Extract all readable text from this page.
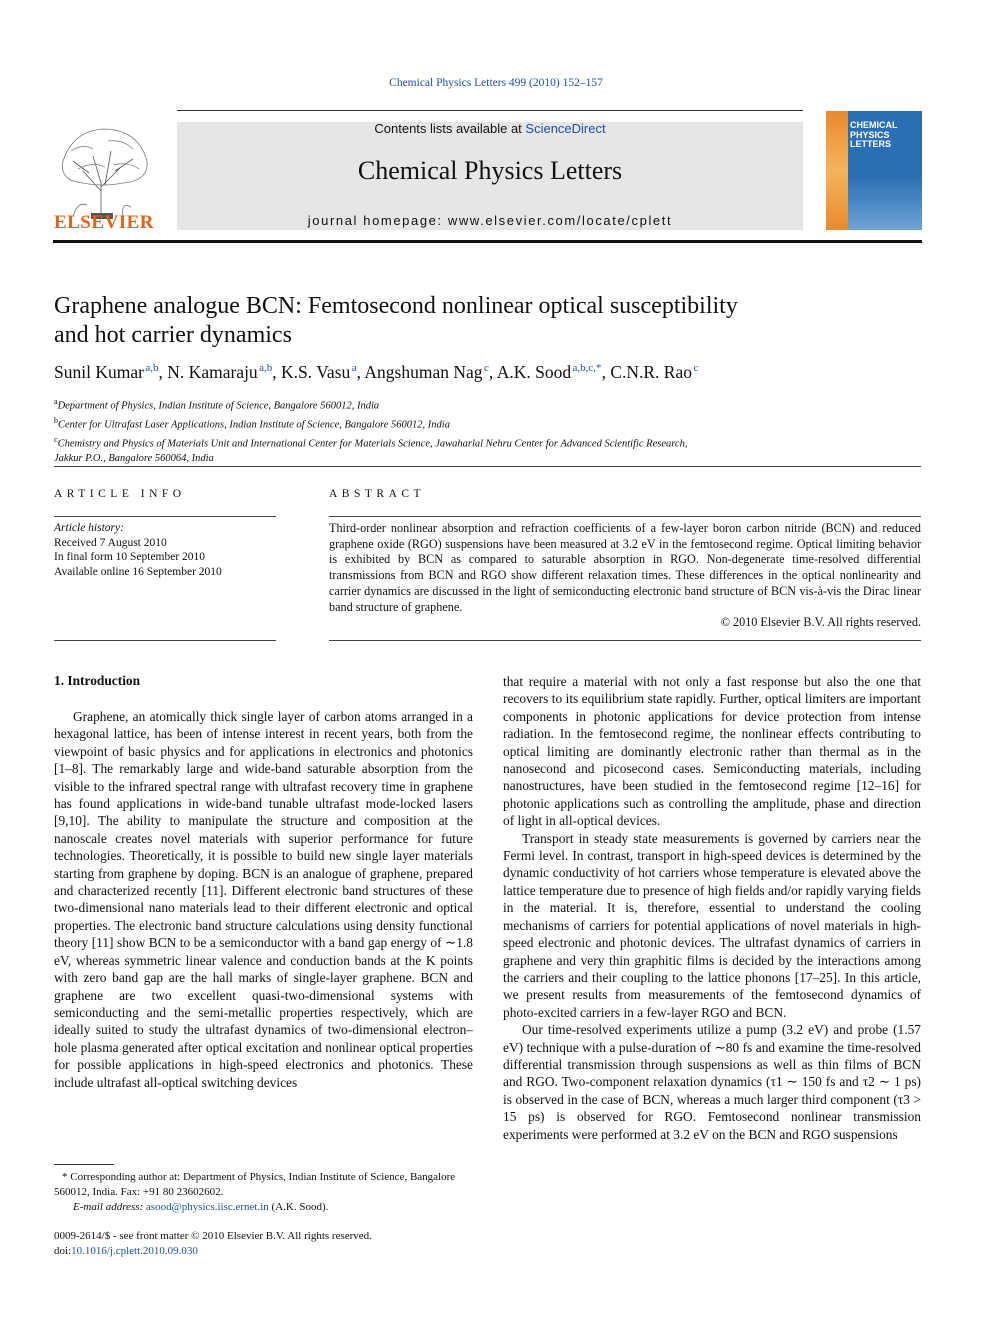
Chemical Physics Letters 499 (2010) 152–157
ELSEVIER
Contents lists available at ScienceDirect
Chemical Physics Letters
journal homepage: www.elsevier.com/locate/cplett
CHEMICAL
PHYSICS
LETTERS
Graphene analogue BCN: Femtosecond nonlinear optical susceptibility
and hot carrier dynamics
Sunil Kumar $^{a,b}$, N. Kamaraju $^{a,b}$, K.S. Vasu $^a$, Angshuman Nag $^c$, A.K. Sood $^{a,b,c,*}$, C.N.R. Rao $^c$
$^a$Department of Physics, Indian Institute of Science, Bangalore 560012, India
$^b$Center for Ultrafast Laser Applications, Indian Institute of Science, Bangalore 560012, India
$^c$Chemistry and Physics of Materials Unit and International Center for Materials Science, Jawaharlal Nehru Center for Advanced Scientific Research,
Jakkur P.O., Bangalore 560064, India
ARTICLE INFO
Article history:
Received 7 August 2010
In final form 10 September 2010
Available online 16 September 2010
ABSTRACT
Third-order nonlinear absorption and refraction coefficients of a few-layer boron carbon nitride (BCN) and reduced graphene oxide (RGO) suspensions have been measured at 3.2 eV in the femtosecond regime. Optical limiting behavior is exhibited by BCN as compared to saturable absorption in RGO. Non-degenerate time-resolved differential transmissions from BCN and RGO show different relaxation times. These differences in the optical nonlinearity and carrier dynamics are discussed in the light of semiconducting electronic band structure of BCN vis-à-vis the Dirac linear band structure of graphene.
© 2010 Elsevier B.V. All rights reserved.
1. Introduction

Graphene, an atomically thick single layer of carbon atoms arranged in a hexagonal lattice, has been of intense interest in recent years, both from the viewpoint of basic physics and for applications in electronics and photonics [1–8]. The remarkably large and wide-band saturable absorption from the visible to the infrared spectral range with ultrafast recovery time in graphene has found applications in wide-band tunable ultrafast mode-locked lasers [9,10]. The ability to manipulate the structure and composition at the nanoscale creates novel materials with superior performance for future technologies. Theoretically, it is possible to build new single layer materials starting from graphene by doping. BCN is an analogue of graphene, prepared and characterized recently [11]. Different electronic band structures of these two-dimensional nano materials lead to their different electronic and optical properties. The electronic band structure calculations using density functional theory [11] show BCN to be a semiconductor with a band gap energy of ∼1.8 eV, whereas symmetric linear valence and conduction bands at the K points with zero band gap are the hall marks of single-layer graphene. BCN and graphene are two excellent quasi-two-dimensional systems with semiconducting and the semi-metallic properties respectively, which are ideally suited to study the ultrafast dynamics of two-dimensional electron–hole plasma generated after optical excitation and nonlinear optical properties for possible applications in high-speed electronics and photonics. These include ultrafast all-optical switching devices

that require a material with not only a fast response but also the one that recovers to its equilibrium state rapidly. Further, optical limiters are important components in photonic applications for device protection from intense radiation. In the femtosecond regime, the nonlinear effects contributing to optical limiting are dominantly electronic rather than thermal as in the nanosecond and picosecond cases. Semiconducting materials, including nanostructures, have been studied in the femtosecond regime [12–16] for photonic applications such as controlling the amplitude, phase and direction of light in all-optical devices.

Transport in steady state measurements is governed by carriers near the Fermi level. In contrast, transport in high-speed devices is determined by the dynamic conductivity of hot carriers whose temperature is elevated above the lattice temperature due to presence of high fields and/or rapidly varying fields in the material. It is, therefore, essential to understand the cooling mechanisms of carriers for potential applications of novel materials in high-speed electronic and photonic devices. The ultrafast dynamics of carriers in graphene and very thin graphitic films is decided by the interactions among the carriers and their coupling to the lattice phonons [17–25]. In this article, we present results from measurements of the femtosecond dynamics of photo-excited carriers in a few-layer RGO and BCN.

Our time-resolved experiments utilize a pump (3.2 eV) and probe (1.57 eV) technique with a pulse-duration of ∼80 fs and examine the time-resolved differential transmission through suspensions as well as thin films of BCN and RGO. Two-component relaxation dynamics (τ1 ∼ 150 fs and τ2 ∼ 1 ps) is observed in the case of BCN, whereas a much larger third component (τ3 > 15 ps) is observed for RGO. Femtosecond nonlinear transmission experiments were performed at 3.2 eV on the BCN and RGO suspensions

* Corresponding author at: Department of Physics, Indian Institute of Science, Bangalore 560012, India. Fax: +91 80 23602602.
E-mail address: asood@physics.iisc.ernet.in (A.K. Sood).
0009-2614/$ - see front matter © 2010 Elsevier B.V. All rights reserved.
doi:10.1016/j.cplett.2010.09.030
